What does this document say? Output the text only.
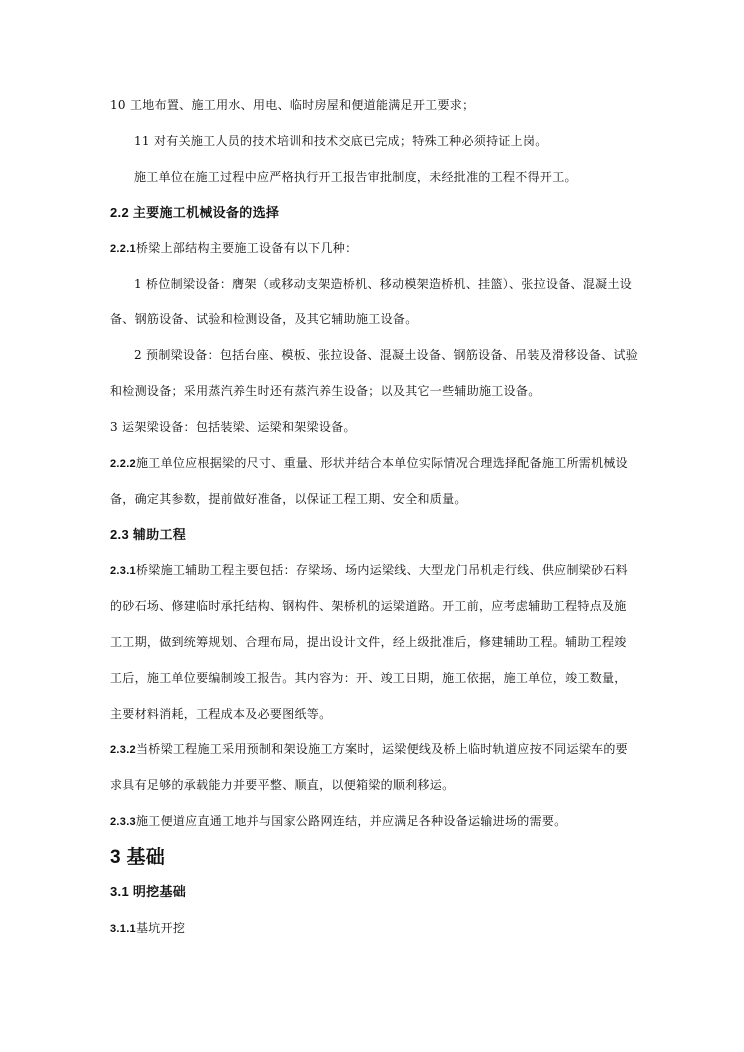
10 工地布置、施工用水、用电、临时房屋和便道能满足开工要求；
11 对有关施工人员的技术培训和技术交底已完成；特殊工种必须持证上岗。
施工单位在施工过程中应严格执行开工报告审批制度，未经批准的工程不得开工。
2.2 主要施工机械设备的选择
2.2.1桥梁上部结构主要施工设备有以下几种：
1 桥位制梁设备：膺架（或移动支架造桥机、移动模架造桥机、挂篮）、张拉设备、混凝土设
备、钢筋设备、试验和检测设备，及其它辅助施工设备。
2 预制梁设备：包括台座、模板、张拉设备、混凝土设备、钢筋设备、吊装及滑移设备、试验
和检测设备；采用蒸汽养生时还有蒸汽养生设备；以及其它一些辅助施工设备。
3 运架梁设备：包括装梁、运梁和架梁设备。
2.2.2施工单位应根据梁的尺寸、重量、形状并结合本单位实际情况合理选择配备施工所需机械设
备，确定其参数，提前做好准备，以保证工程工期、安全和质量。
2.3 辅助工程
2.3.1桥梁施工辅助工程主要包括：存梁场、场内运梁线、大型龙门吊机走行线、供应制梁砂石料
的砂石场、修建临时承托结构、钢构件、架桥机的运梁道路。开工前，应考虑辅助工程特点及施
工工期，做到统筹规划、合理布局，提出设计文件，经上级批准后，修建辅助工程。辅助工程竣
工后，施工单位要编制竣工报告。其内容为：开、竣工日期，施工依据，施工单位，竣工数量，
主要材料消耗，工程成本及必要图纸等。
2.3.2当桥梁工程施工采用预制和架设施工方案时，运梁便线及桥上临时轨道应按不同运梁车的要
求具有足够的承载能力并要平整、顺直，以便箱梁的顺利移运。
2.3.3施工便道应直通工地并与国家公路网连结，并应满足各种设备运输进场的需要。
3 基础
3.1 明挖基础
3.1.1基坑开挖
